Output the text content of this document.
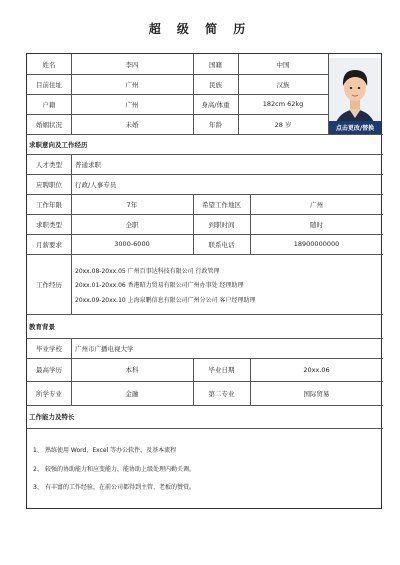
超 级 简 历
姓名	李四	国籍	中国
目前住址	广州	民族	汉族
户籍	广州	身高/体重	182cm 62kg
婚姻状况	未婚	年龄	28 岁	点击更改/替换
求职意向及工作经历
人才类型	普通求职
应聘职位	行政/人事专员
工作年限	7年	希望工作地区	广州
求职类型	全职	到职时间	随时
月薪要求	3000-6000	联系电话	18900000000
工作经历
20xx.08-20xx.05 广州百事达科技有限公司 行政管理
20xx.01-20xx.06 香港昭力贸易有限公司广州办事处 经理助理
20xx.09-20xx.10 上海泉鹏信息有限公司广州分公司 客户经理助理
教育背景
毕业学校	广州市广播电视大学
最高学历	本科	毕业日期	20xx.06
所学专业	金融	第二专业	国际贸易
工作能力及特长
1、 熟练使用 Word、Excel 等办公软件，及基本流程
2、 较强的协助能力和应变能力，能协助上级处理内勤关调。
3、 有丰富的工作经验，在前公司都得到主管、老板的赞赏。
